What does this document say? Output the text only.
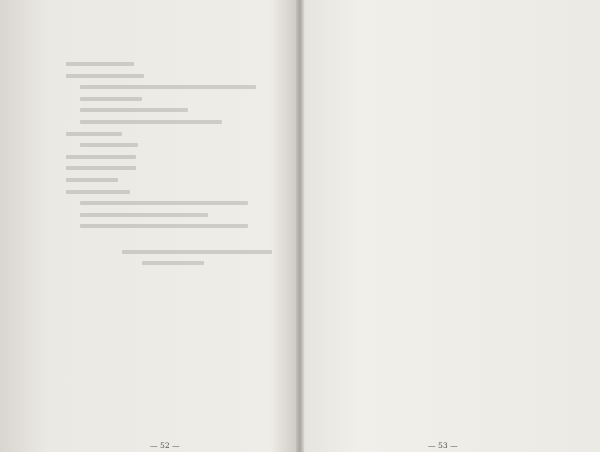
— 52 —	— 53 —
